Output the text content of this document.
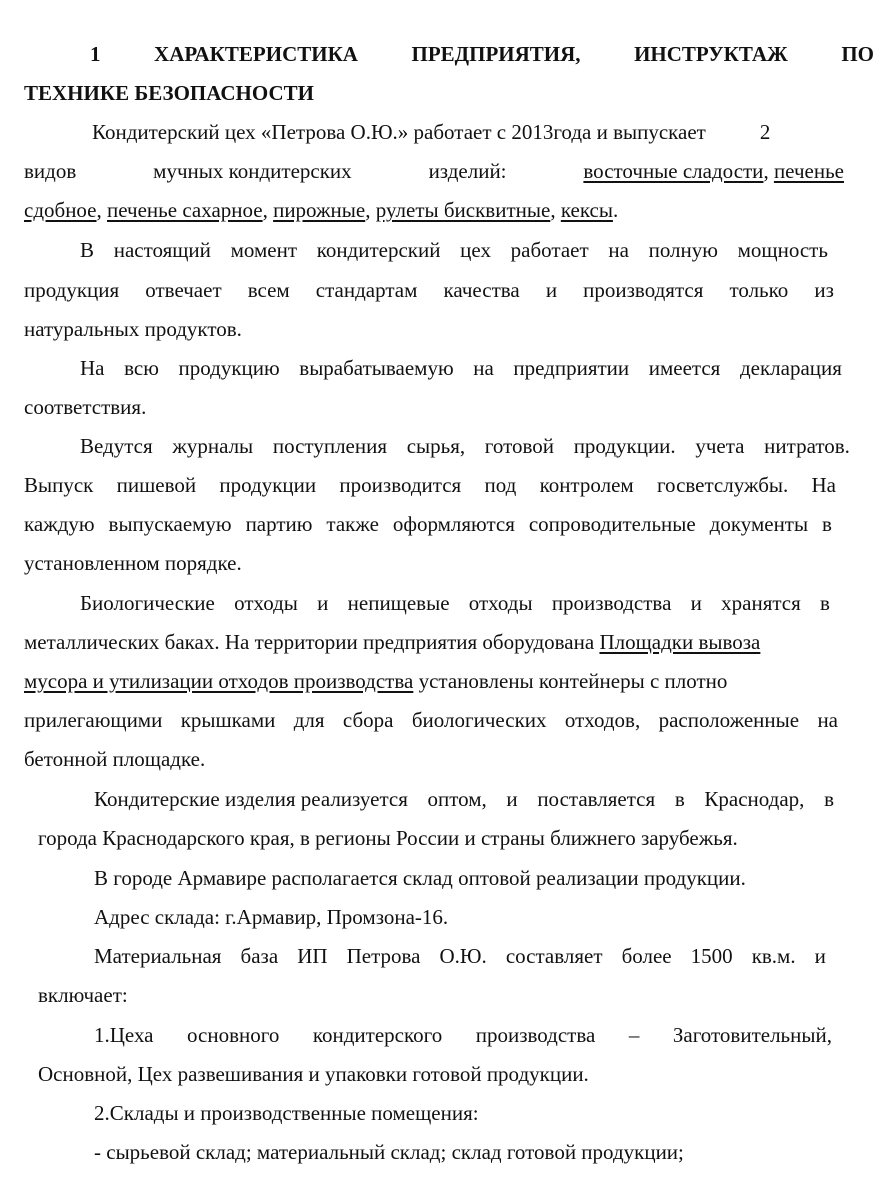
1	ХАРАКТЕРИСТИКА	ПРЕДПРИЯТИЯ,	ИНСТРУКТАЖ	ПО
ТЕХНИКЕ БЕЗОПАСНОСТИ
Кондитерский цех «Петрова О.Ю.» работает с 2013года и выпускает	2
видов	мучных кондитерских	изделий:	восточные сладости, печенье
сдобное, печенье сахарное, пирожные, рулеты бисквитные, кексы.
В настоящий момент кондитерский цех работает на полную мощность
продукция отвечает всем стандартам качества и производятся только из
натуральных продуктов.
На всю продукцию вырабатываемую на предприятии имеется декларация
соответствия.
Ведутся журналы поступления сырья, готовой продукции. учета нитратов.
Выпуск пишевой продукции производится под контролем госветслужбы. На
каждую выпускаемую партию также оформляются сопроводительные документы в
установленном порядке.
Биологические отходы и непищевые отходы производства и хранятся в
металлических баках. На территории предприятия оборудована Площадки вывоза
мусора и утилизации отходов производства установлены контейнеры с плотно
прилегающими крышками для сбора биологических отходов, расположенные на
бетонной площадке.
Кондитерские изделия реализуется оптом, и поставляется в Краснодар, в
города Краснодарского края, в регионы России и страны ближнего зарубежья.
В городе Армавире располагается склад оптовой реализации продукции.
Адрес склада: г.Армавир, Промзона-16.
Материальная база ИП Петрова О.Ю. составляет более 1500 кв.м. и
включает:
1.Цеха основного кондитерского производства – Заготовительный,
Основной, Цех развешивания и упаковки готовой продукции.
2.Склады и производственные помещения:
- сырьевой склад; материальный склад; склад готовой продукции;
